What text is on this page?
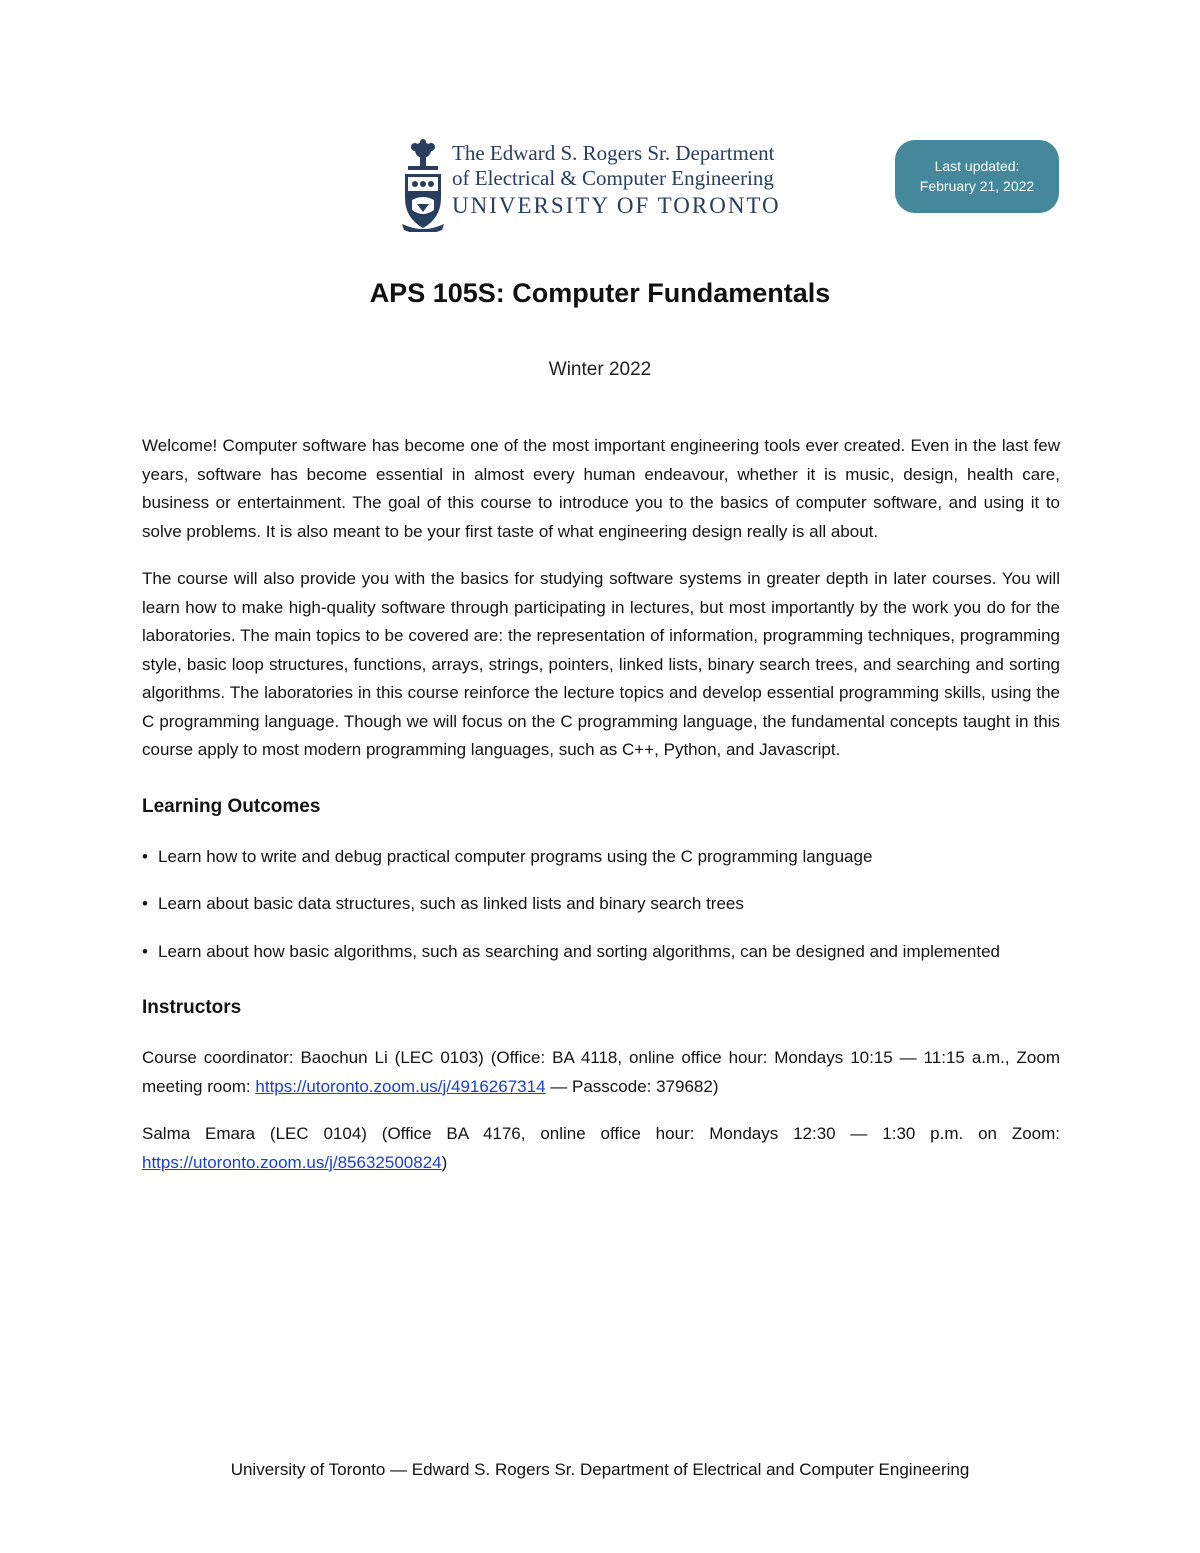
The Edward S. Rogers Sr. Department
of Electrical & Computer Engineering
UNIVERSITY OF TORONTO
Last updated:
February 21, 2022
APS 105S: Computer Fundamentals
Winter 2022

Welcome! Computer software has become one of the most important engineering tools ever created. Even in the last few years, software has become essential in almost every human endeavour, whether it is music, design, health care, business or entertainment. The goal of this course to introduce you to the basics of computer software, and using it to solve problems. It is also meant to be your first taste of what engineering design really is all about.

The course will also provide you with the basics for studying software systems in greater depth in later courses. You will learn how to make high-quality software through participating in lectures, but most importantly by the work you do for the laboratories. The main topics to be covered are: the representation of information, programming techniques, programming style, basic loop structures, functions, arrays, strings, pointers, linked lists, binary search trees, and searching and sorting algorithms. The laboratories in this course reinforce the lecture topics and develop essential programming skills, using the C programming language. Though we will focus on the C programming language, the fundamental concepts taught in this course apply to most modern programming languages, such as C++, Python, and Javascript.

Learning Outcomes
• Learn how to write and debug practical computer programs using the C programming language
• Learn about basic data structures, such as linked lists and binary search trees
• Learn about how basic algorithms, such as searching and sorting algorithms, can be designed and implemented
Instructors

Course coordinator: Baochun Li (LEC 0103) (Office: BA 4118, online office hour: Mondays 10:15 — 11:15 a.m., Zoom meeting room: https://utoronto.zoom.us/j/4916267314 — Passcode: 379682)

Salma Emara (LEC 0104) (Office BA 4176, online office hour: Mondays 12:30 — 1:30 p.m. on Zoom: https://utoronto.zoom.us/j/85632500824)

University of Toronto — Edward S. Rogers Sr. Department of Electrical and Computer Engineering
